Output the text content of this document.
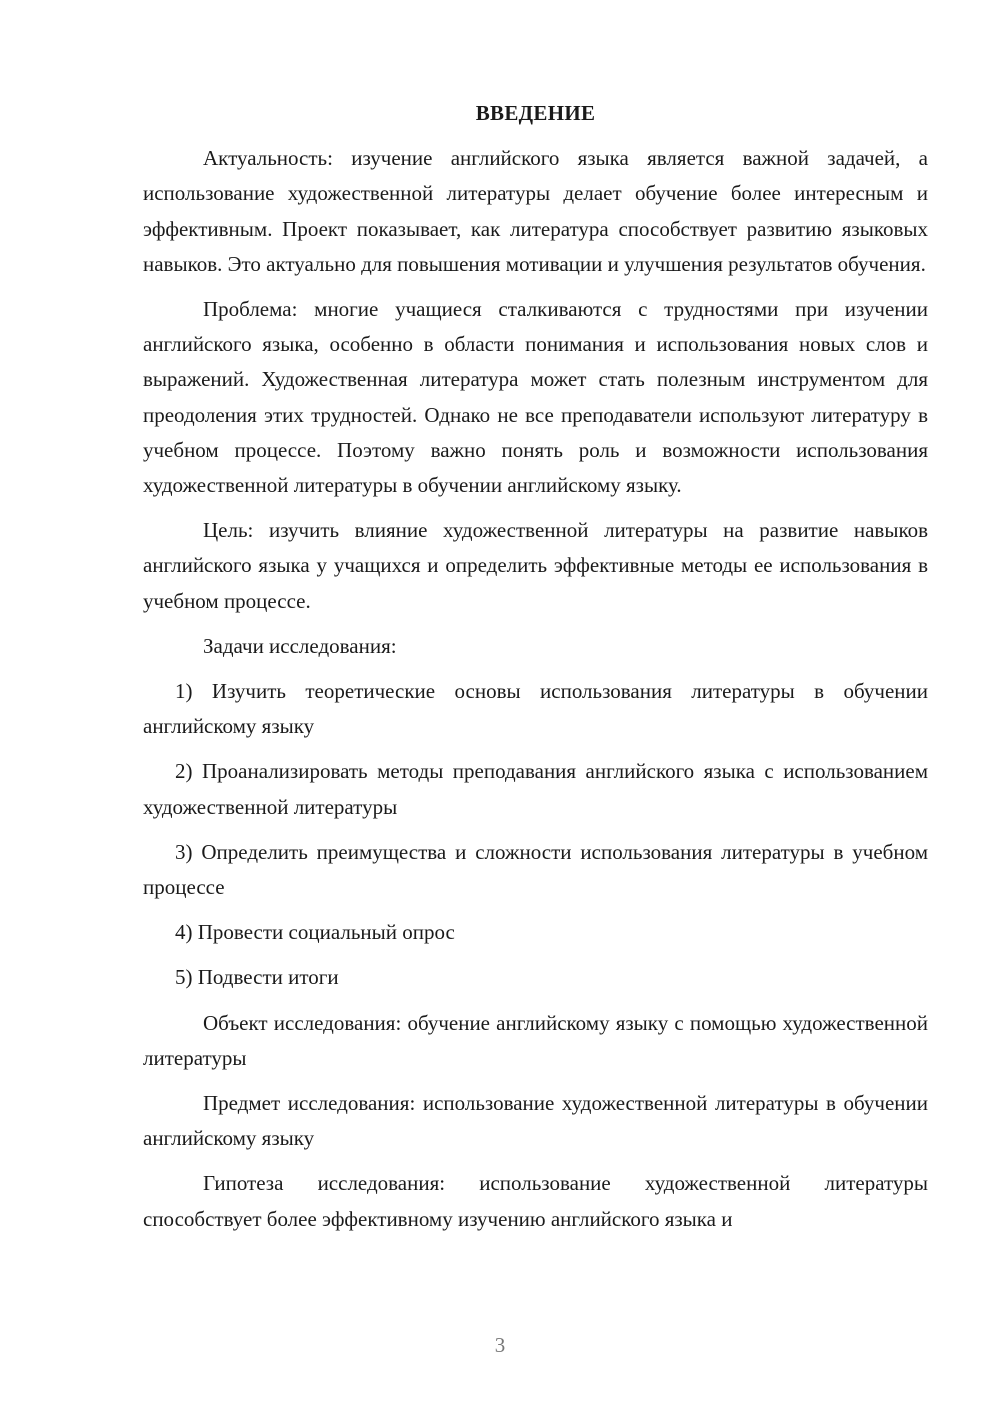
ВВЕДЕНИЕ

Актуальность: изучение английского языка является важной задачей, а использование художественной литературы делает обучение более интересным и эффективным. Проект показывает, как литература способствует развитию языковых навыков. Это актуально для повышения мотивации и улучшения результатов обучения.

Проблема: многие учащиеся сталкиваются с трудностями при изучении английского языка, особенно в области понимания и использования новых слов и выражений. Художественная литература может стать полезным инструментом для преодоления этих трудностей. Однако не все преподаватели используют литературу в учебном процессе. Поэтому важно понять роль и возможности использования художественной литературы в обучении английскому языку.

Цель: изучить влияние художественной литературы на развитие навыков английского языка у учащихся и определить эффективные методы ее использования в учебном процессе.

Задачи исследования:

1) Изучить теоретические основы использования литературы в обучении английскому языку
2) Проанализировать методы преподавания английского языка с использованием художественной литературы
3) Определить преимущества и сложности использования литературы в учебном процессе
4) Провести социальный опрос
5) Подвести итоги

Объект исследования: обучение английскому языку с помощью художественной литературы

Предмет исследования: использование художественной литературы в обучении английскому языку

Гипотеза исследования: использование художественной литературы способствует более эффективному изучению английского языка и

3
